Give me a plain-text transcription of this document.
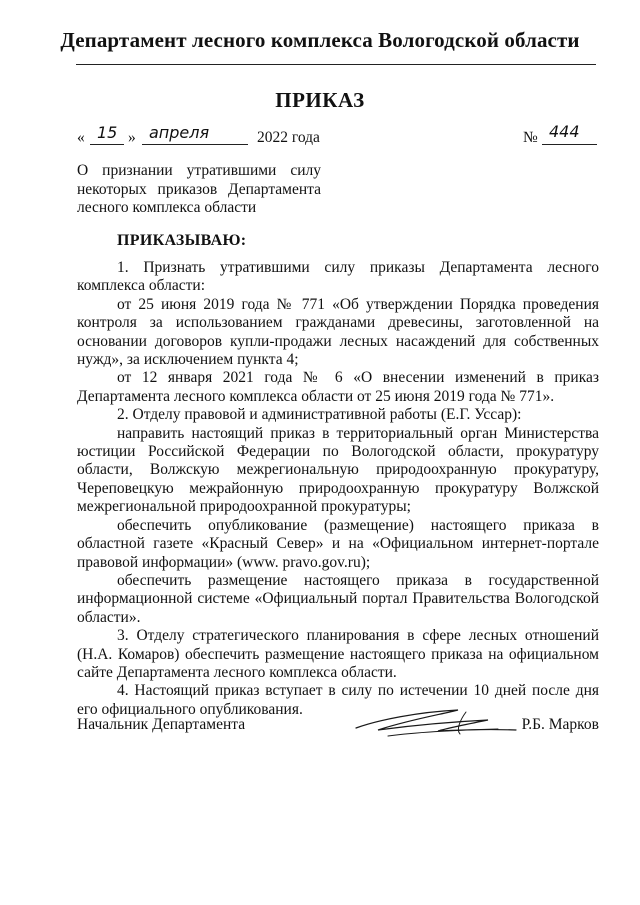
Департамент лесного комплекса Вологодской области
ПРИКАЗ
« 15 » апреля	2022 года	№ 444
О признании утратившими силу некоторых приказов Департамента лесного комплекса области
ПРИКАЗЫВАЮ:

1. Признать утратившими силу приказы Департамента лесного комплекса области:

от 25 июня 2019 года № 771 «Об утверждении Порядка проведения контроля за использованием гражданами древесины, заготовленной на основании договоров купли-продажи лесных насаждений для собственных нужд», за исключением пункта 4;

от 12 января 2021 года № 6 «О внесении изменений в приказ Департамента лесного комплекса области от 25 июня 2019 года № 771».

2. Отделу правовой и административной работы (Е.Г. Уссар):

направить настоящий приказ в территориальный орган Министерства юстиции Российской Федерации по Вологодской области, прокуратуру области, Волжскую межрегиональную природоохранную прокуратуру, Череповецкую межрайонную природоохранную прокуратуру Волжской межрегиональной природоохранной прокуратуры;

обеспечить опубликование (размещение) настоящего приказа в областной газете «Красный Север» и на «Официальном интернет-портале правовой информации» (www. pravo.gov.ru);

обеспечить размещение настоящего приказа в государственной информационной системе «Официальный портал Правительства Вологодской области».

3. Отделу стратегического планирования в сфере лесных отношений (Н.А. Комаров) обеспечить размещение настоящего приказа на официальном сайте Департамента лесного комплекса области.

4. Настоящий приказ вступает в силу по истечении 10 дней после дня его официального опубликования.

Начальник Департамента	Р.Б. Марков
